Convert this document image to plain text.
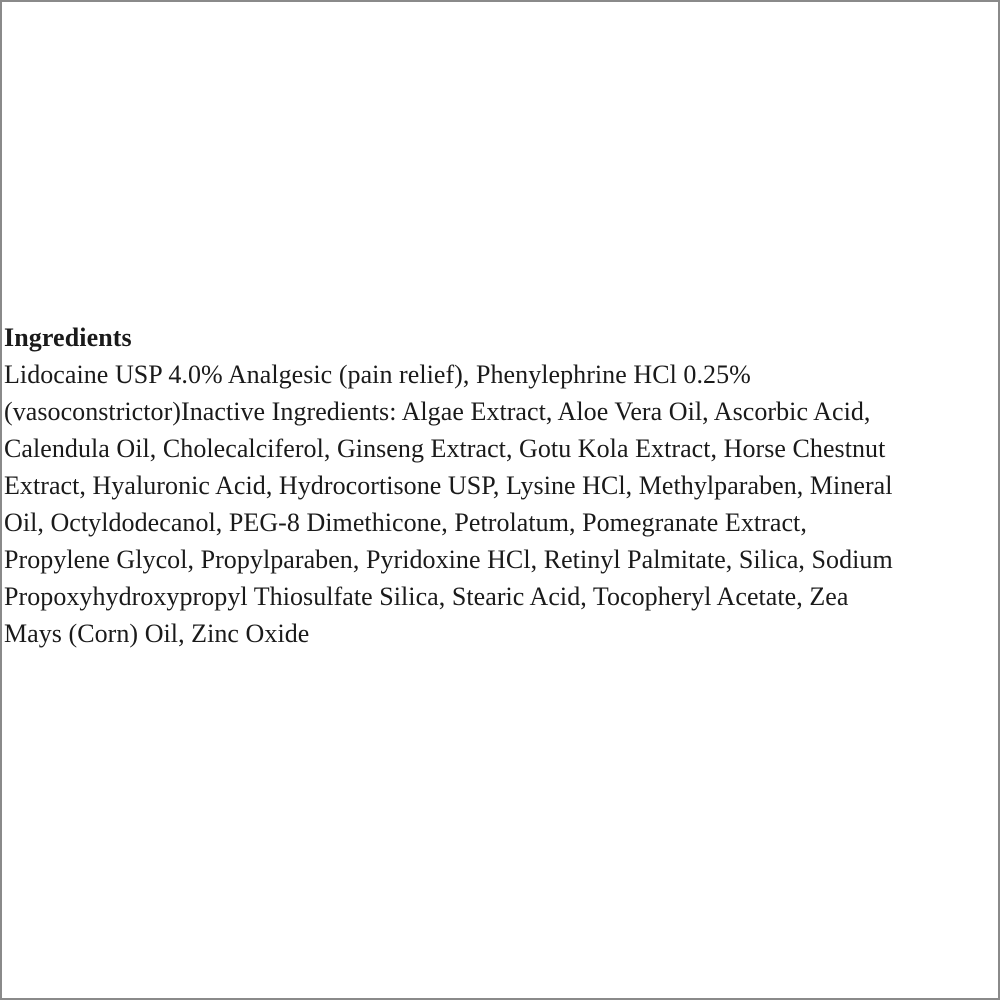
Ingredients

Lidocaine USP 4.0% Analgesic (pain relief), Phenylephrine HCl 0.25%

(vasoconstrictor)Inactive Ingredients: Algae Extract, Aloe Vera Oil, Ascorbic Acid,

Calendula Oil, Cholecalciferol, Ginseng Extract, Gotu Kola Extract, Horse Chestnut

Extract, Hyaluronic Acid, Hydrocortisone USP, Lysine HCl, Methylparaben, Mineral

Oil, Octyldodecanol, PEG-8 Dimethicone, Petrolatum, Pomegranate Extract,

Propylene Glycol, Propylparaben, Pyridoxine HCl, Retinyl Palmitate, Silica, Sodium

Propoxyhydroxypropyl Thiosulfate Silica, Stearic Acid, Tocopheryl Acetate, Zea

Mays (Corn) Oil, Zinc Oxide
